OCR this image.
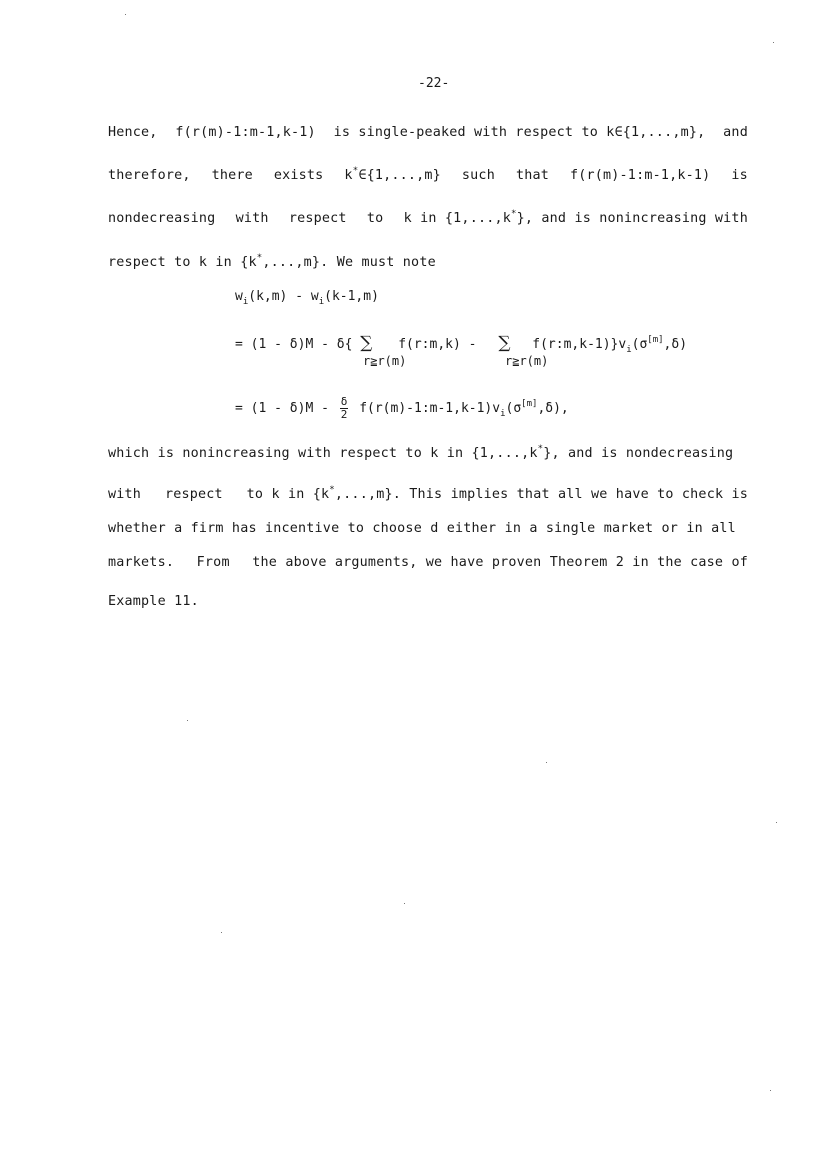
-22-
Hence, f(r(m)-1:m-1,k-1) is single-peaked with respect to k∈{1,...,m}, and
therefore, there exists k*∈{1,...,m} such that f(r(m)-1:m-1,k-1) is
nondecreasing with respect to k in {1,...,k*}, and is nonincreasing with
respect to k in {k*,...,m}. We must note
$w_i(k,m) - w_i(k-1,m)$
= (1 - δ)M - δ{ ∑ f(r:m,k) - ∑ $f(r:m,k-1)\}v_i(\sigma[m],\delta)$
r≧r(m)	r≧r(m)
= $(1 - \delta)M - \frac{\delta}{2}$ $f(r(m)-1:m-1,k-1)v_i(\sigma[m],\delta)$,
which is nonincreasing with respect to k in {1,...,k*}, and is nondecreasing
with respect to k in {k*,...,m}. This implies that all we have to check is
whether a firm has incentive to choose d either in a single market or in all
markets. From the above arguments, we have proven Theorem 2 in the case of
Example 11.
